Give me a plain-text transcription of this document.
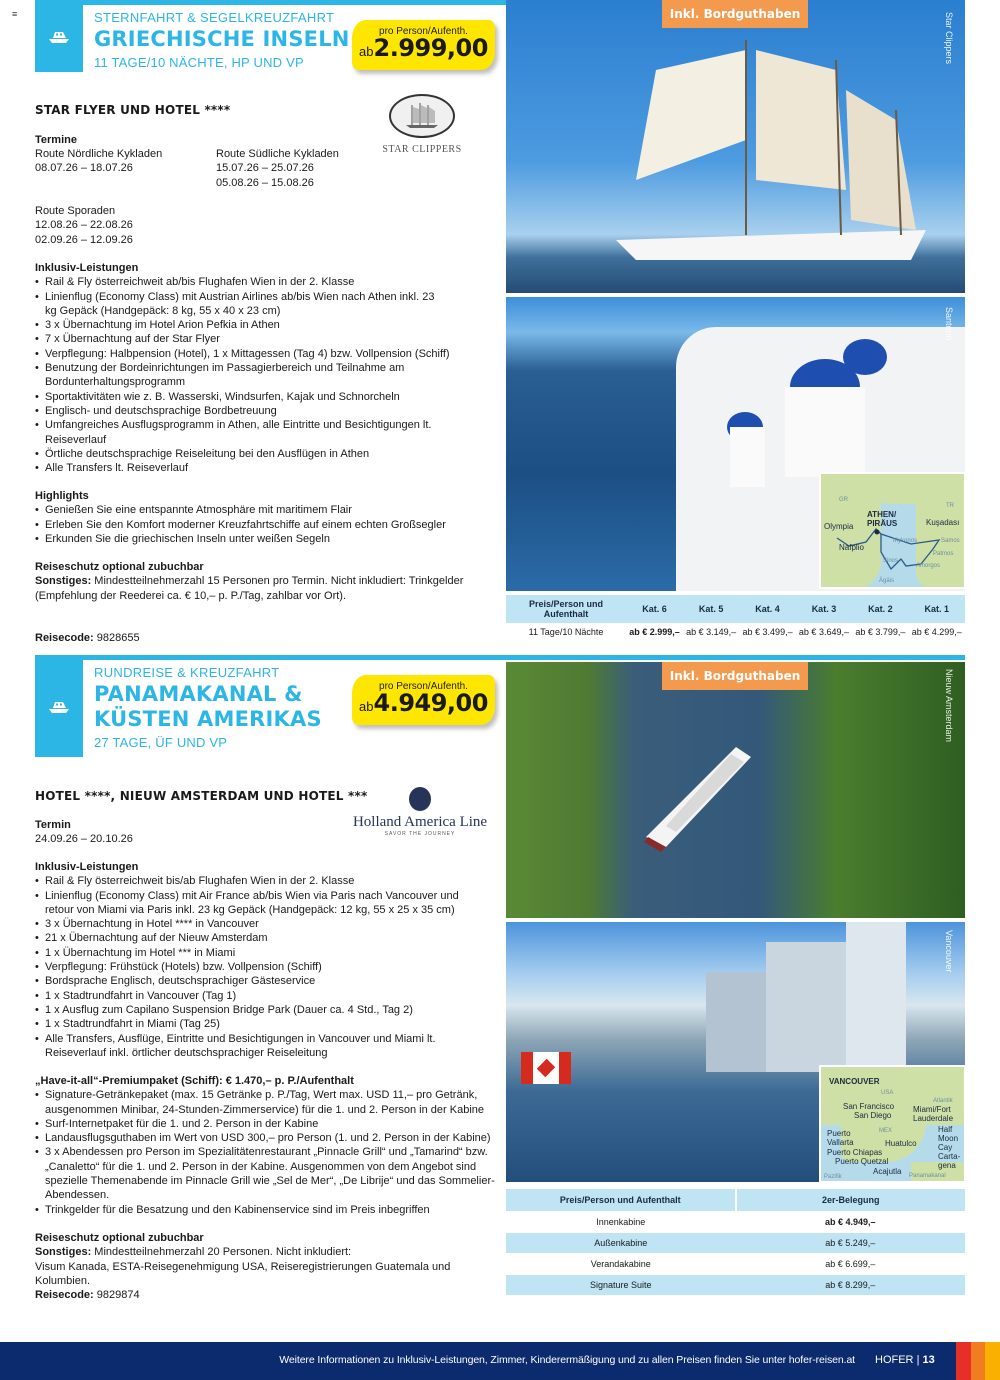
≡	STERNFAHRT & SEGELKREUZFAHRT
GRIECHISCHE INSELN
11 TAGE/10 NÄCHTE, HP UND VP
pro Person/Aufenth.
ab2.999,00
STAR FLYER UND HOTEL ****
STAR CLIPPERS
Termine
Route Nördliche Kykladen
08.07.26 – 18.07.26
Route Südliche Kykladen
15.07.26 – 25.07.26
05.08.26 – 15.08.26
Route Sporaden
12.08.26 – 22.08.26
02.09.26 – 12.09.26
Inklusiv-Leistungen
• Rail & Fly österreichweit ab/bis Flughafen Wien in der 2. Klasse
• Linienflug (Economy Class) mit Austrian Airlines ab/bis Wien nach Athen inkl. 23 kg Gepäck (Handgepäck: 8 kg, 55 x 40 x 23 cm)
• 3 x Übernachtung im Hotel Arion Pefkia in Athen
• 7 x Übernachtung auf der Star Flyer
• Verpflegung: Halbpension (Hotel), 1 x Mittagessen (Tag 4) bzw. Vollpension (Schiff)
• Benutzung der Bordeinrichtungen im Passagierbereich und Teilnahme am Bordunterhaltungsprogramm
• Sportaktivitäten wie z. B. Wasserski, Windsurfen, Kajak und Schnorcheln
• Englisch- und deutschsprachige Bordbetreuung
• Umfangreiches Ausflugsprogramm in Athen, alle Eintritte und Besichtigungen lt. Reiseverlauf
• Örtliche deutschsprachige Reiseleitung bei den Ausflügen in Athen
• Alle Transfers lt. Reiseverlauf
Highlights
• Genießen Sie eine entspannte Atmosphäre mit maritimem Flair
• Erleben Sie den Komfort moderner Kreuzfahrtschiffe auf einem echten Großsegler
• Erkunden Sie die griechischen Inseln unter weißen Segeln
Reiseschutz optional zubuchbar
Sonstiges: Mindestteilnehmerzahl 15 Personen pro Termin. Nicht inkludiert: Trinkgelder (Empfehlung der Reederei ca. € 10,– p. P./Tag, zahlbar vor Ort).
Reisecode: 9828655
Inkl. Bordguthaben	Star Clippers
Santorin
GR
TR
ATHEN/
PIRÄUS
Olympia
Nafplio
Kuşadası
Mykonos	Samos
Patmos
Sinos
Amorgos
Ägäis
Preis/Person und Aufenthalt	Kat. 6	Kat. 5	Kat. 4	Kat. 3	Kat. 2	Kat. 1
11 Tage/10 Nächte	ab € 2.999,–	ab € 3.149,–	ab € 3.499,–	ab € 3.649,–	ab € 3.799,–	ab € 4.299,–
RUNDREISE & KREUZFAHRT
PANAMAKANAL &
KÜSTEN AMERIKAS
27 TAGE, ÜF UND VP
pro Person/Aufenth.
ab4.949,00
HOTEL ****, NIEUW AMSTERDAM UND HOTEL ***
Termin
24.09.26 – 20.10.26
Inklusiv-Leistungen
• Rail & Fly österreichweit bis/ab Flughafen Wien in der 2. Klasse
• Linienflug (Economy Class) mit Air France ab/bis Wien via Paris nach Vancouver und retour von Miami via Paris inkl. 23 kg Gepäck (Handgepäck: 12 kg, 55 x 25 x 35 cm)
• 3 x Übernachtung in Hotel **** in Vancouver
• 21 x Übernachtung auf der Nieuw Amsterdam
• 1 x Übernachtung im Hotel *** in Miami
• Verpflegung: Frühstück (Hotels) bzw. Vollpension (Schiff)
• Bordsprache Englisch, deutschsprachiger Gästeservice
• 1 x Stadtrundfahrt in Vancouver (Tag 1)
• 1 x Ausflug zum Capilano Suspension Bridge Park (Dauer ca. 4 Std., Tag 2)
• 1 x Stadtrundfahrt in Miami (Tag 25)
• Alle Transfers, Ausflüge, Eintritte und Besichtigungen in Vancouver und Miami lt. Reiseverlauf inkl. örtlicher deutschsprachiger Reiseleitung
„Have-it-all“-Premiumpaket (Schiff): € 1.470,– p. P./Aufenthalt
• Signature-Getränkepaket (max. 15 Getränke p. P./Tag, Wert max. USD 11,– pro Getränk, ausgenommen Minibar, 24-Stunden-Zimmerservice) für die 1. und 2. Person in der Kabine
• Surf-Internetpaket für die 1. und 2. Person in der Kabine
• Landausflugsguthaben im Wert von USD 300,– pro Person (1. und 2. Person in der Kabine)
• 3 x Abendessen pro Person im Spezialitätenrestaurant „Pinnacle Grill“ und „Tamarind“ bzw. „Canaletto“ für die 1. und 2. Person in der Kabine. Ausgenommen von dem Angebot sind spezielle Themenabende im Pinnacle Grill wie „Sel de Mer“, „De Librije“ und das Sommelier-Abendessen.
• Trinkgelder für die Besatzung und den Kabinenservice sind im Preis inbegriffen
Reiseschutz optional zubuchbar
Sonstiges: Mindestteilnehmerzahl 20 Personen. Nicht inkludiert:
Visum Kanada, ESTA-Reisegenehmigung USA, Reiseregistrierungen Guatemala und Kolumbien.
Reisecode: 9829874
Inkl. Bordguthaben	Nieuw Amsterdam
Vancouver
USA
MEX
Atlantik
Pazifik
VANCOUVER
San Francisco
San Diego
Puerto
Vallarta	Huatulco
Puerto Chiapas
Puerto Quetzal
Acajutla
Miami/Fort
Lauderdale
Half
Moon
Cay
Carta-
gena
Panamakanal
Preis/Person und Aufenthalt	2er-Belegung
Innenkabine	ab € 4.949,–
Außenkabine	ab € 5.249,–
Verandakabine	ab € 6.699,–
Signature Suite	ab € 8.299,–
Holland America Line
SAVOR THE JOURNEY
Weitere Informationen zu Inklusiv-Leistungen, Zimmer, Kinderermäßigung und zu allen Preisen finden Sie unter hofer-reisen.at HOFER | 13
